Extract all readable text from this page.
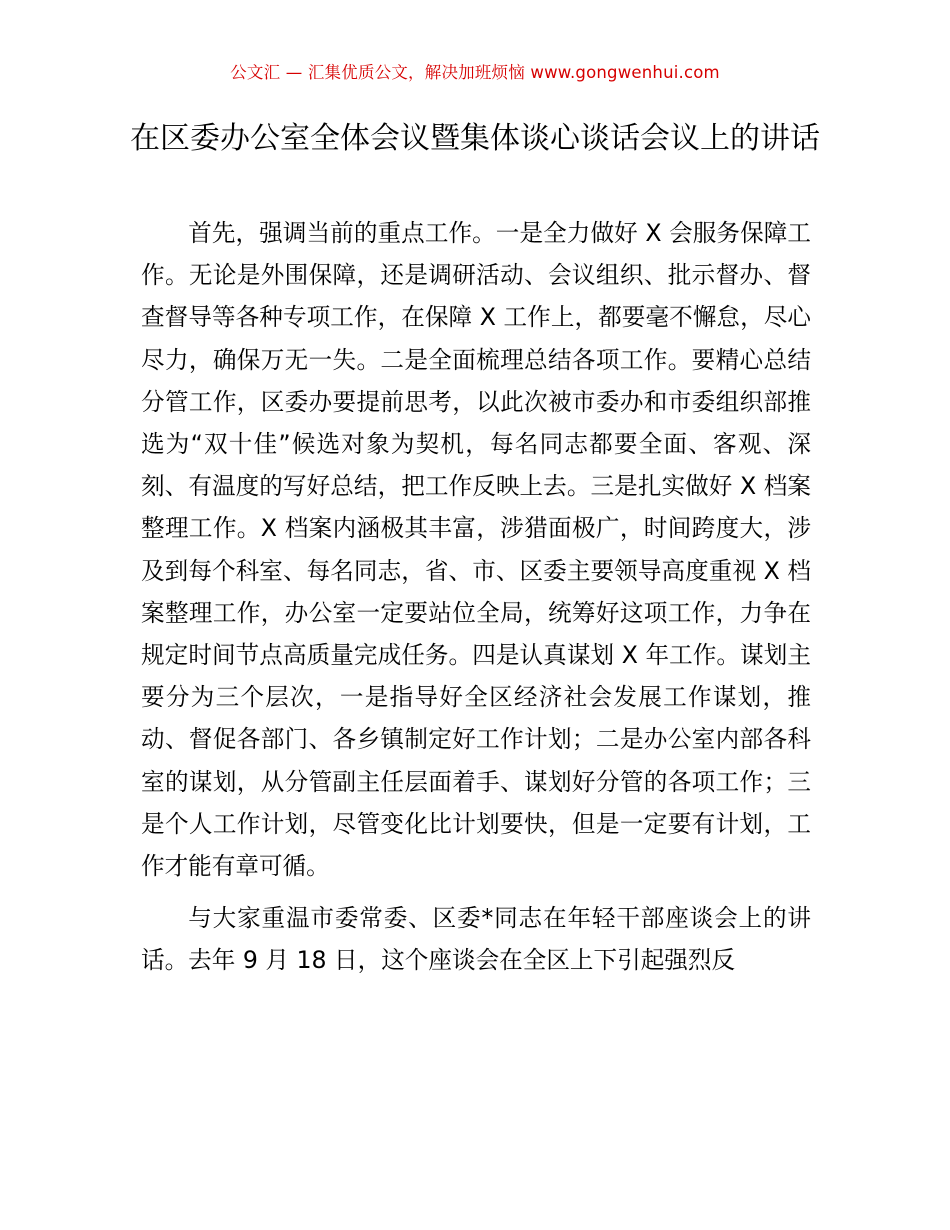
公文汇 — 汇集优质公文，解决加班烦恼 www.gongwenhui.com
在区委办公室全体会议暨集体谈心谈话会议上的讲话

首先，强调当前的重点工作。一是全力做好 X 会服务保障工作。无论是外围保障，还是调研活动、会议组织、批示督办、督查督导等各种专项工作，在保障 X 工作上，都要毫不懈怠，尽心尽力，确保万无一失。二是全面梳理总结各项工作。要精心总结分管工作，区委办要提前思考，以此次被市委办和市委组织部推选为“双十佳”候选对象为契机，每名同志都要全面、客观、深刻、有温度的写好总结，把工作反映上去。三是扎实做好 X 档案整理工作。X 档案内涵极其丰富，涉猎面极广，时间跨度大，涉及到每个科室、每名同志，省、市、区委主要领导高度重视 X 档案整理工作，办公室一定要站位全局，统筹好这项工作，力争在规定时间节点高质量完成任务。四是认真谋划 X 年工作。谋划主要分为三个层次，一是指导好全区经济社会发展工作谋划，推动、督促各部门、各乡镇制定好工作计划；二是办公室内部各科室的谋划，从分管副主任层面着手、谋划好分管的各项工作；三是个人工作计划，尽管变化比计划要快，但是一定要有计划，工作才能有章可循。

与大家重温市委常委、区委*同志在年轻干部座谈会上的讲话。去年 9 月 18 日，这个座谈会在全区上下引起强烈反
